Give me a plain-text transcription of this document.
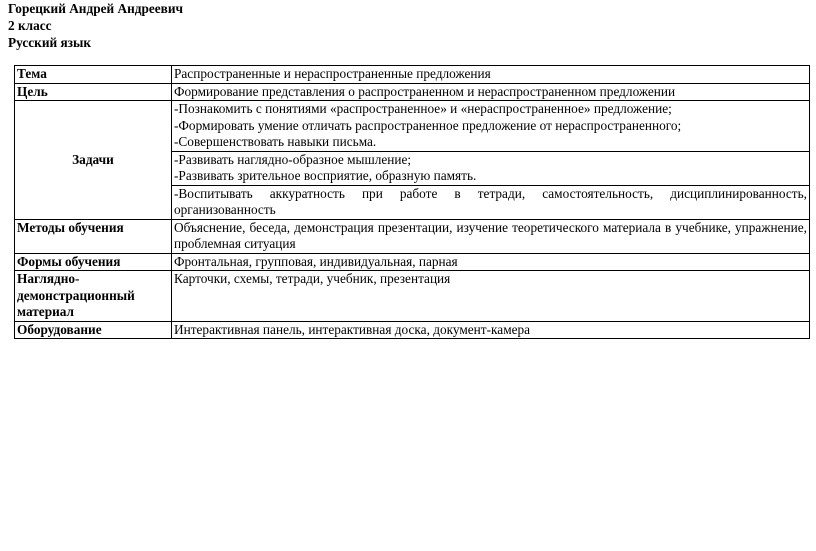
Горецкий Андрей Андреевич
2 класс
Русский язык
Тема	Распространенные и нераспространенные предложения
Цель	Формирование представления о распространенном и нераспространенном предложении
Задачи	-Познакомить с понятиями «распространенное» и «нераспространенное» предложение;
-Формировать умение отличать распространенное предложение от нераспространенного;
-Совершенствовать навыки письма.

	-Развивать наглядно-образное мышление;
-Развивать зрительное восприятие, образную память.

	-Воспитывать аккуратность при работе в тетради, самостоятельность, дисциплинированность, организованность
Методы обучения	Объяснение, беседа, демонстрация презентации, изучение теоретического материала в учебнике, упражнение, проблемная ситуация
Формы обучения	Фронтальная, групповая, индивидуальная, парная

Наглядно-
демонстрационный
материал	Карточки, схемы, тетради, учебник, презентация
Оборудование	Интерактивная панель, интерактивная доска, документ-камера
